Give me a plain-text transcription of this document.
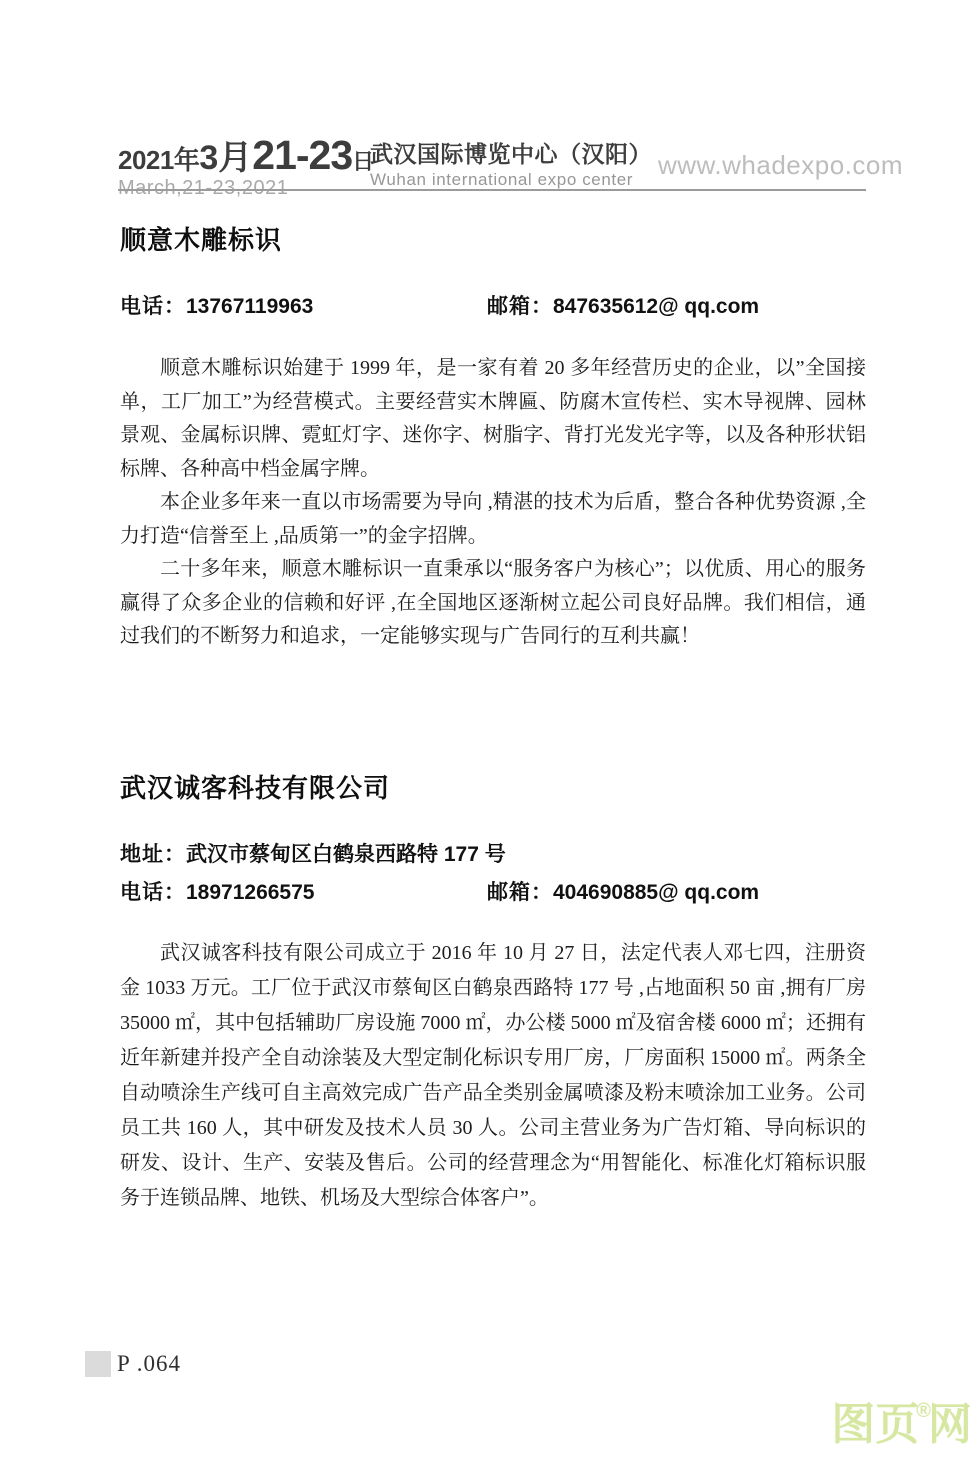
2021年 3月 21-23 日
March,21-23,2021
武汉国际博览中心（汉阳）
Wuhan international expo center www.whadexpo.com
顺意木雕标识
电话：13767119963	邮箱：847635612@ qq.com

顺意木雕标识始建于 1999 年，是一家有着 20 多年经营历史的企业，以”全国接单，工厂加工”为经营模式。主要经营实木牌匾、防腐木宣传栏、实木导视牌、园林景观、金属标识牌、霓虹灯字、迷你字、树脂字、背打光发光字等，以及各种形状铝标牌、各种高中档金属字牌。

本企业多年来一直以市场需要为导向 ,精湛的技术为后盾，整合各种优势资源 ,全力打造“信誉至上 ,品质第一”的金字招牌。

二十多年来，顺意木雕标识一直秉承以“服务客户为核心”；以优质、用心的服务赢得了众多企业的信赖和好评 ,在全国地区逐渐树立起公司良好品牌。我们相信，通过我们的不断努力和追求，一定能够实现与广告同行的互利共赢！

武汉诚客科技有限公司
地址：武汉市蔡甸区白鹤泉西路特 177 号
电话：18971266575	邮箱：404690885@ qq.com

武汉诚客科技有限公司成立于 2016 年 10 月 27 日，法定代表人邓七四，注册资金 1033 万元。工厂位于武汉市蔡甸区白鹤泉西路特 177 号 ,占地面积 50 亩 ,拥有厂房 35000 ㎡，其中包括辅助厂房设施 7000 ㎡，办公楼 5000 ㎡及宿舍楼 6000 ㎡；还拥有近年新建并投产全自动涂装及大型定制化标识专用厂房，厂房面积 15000 ㎡。两条全自动喷涂生产线可自主高效完成广告产品全类别金属喷漆及粉末喷涂加工业务。公司员工共 160 人，其中研发及技术人员 30 人。公司主营业务为广告灯箱、导向标识的研发、设计、生产、安装及售后。公司的经营理念为“用智能化、标准化灯箱标识服务于连锁品牌、地铁、机场及大型综合体客户”。

P .064
图页®网
